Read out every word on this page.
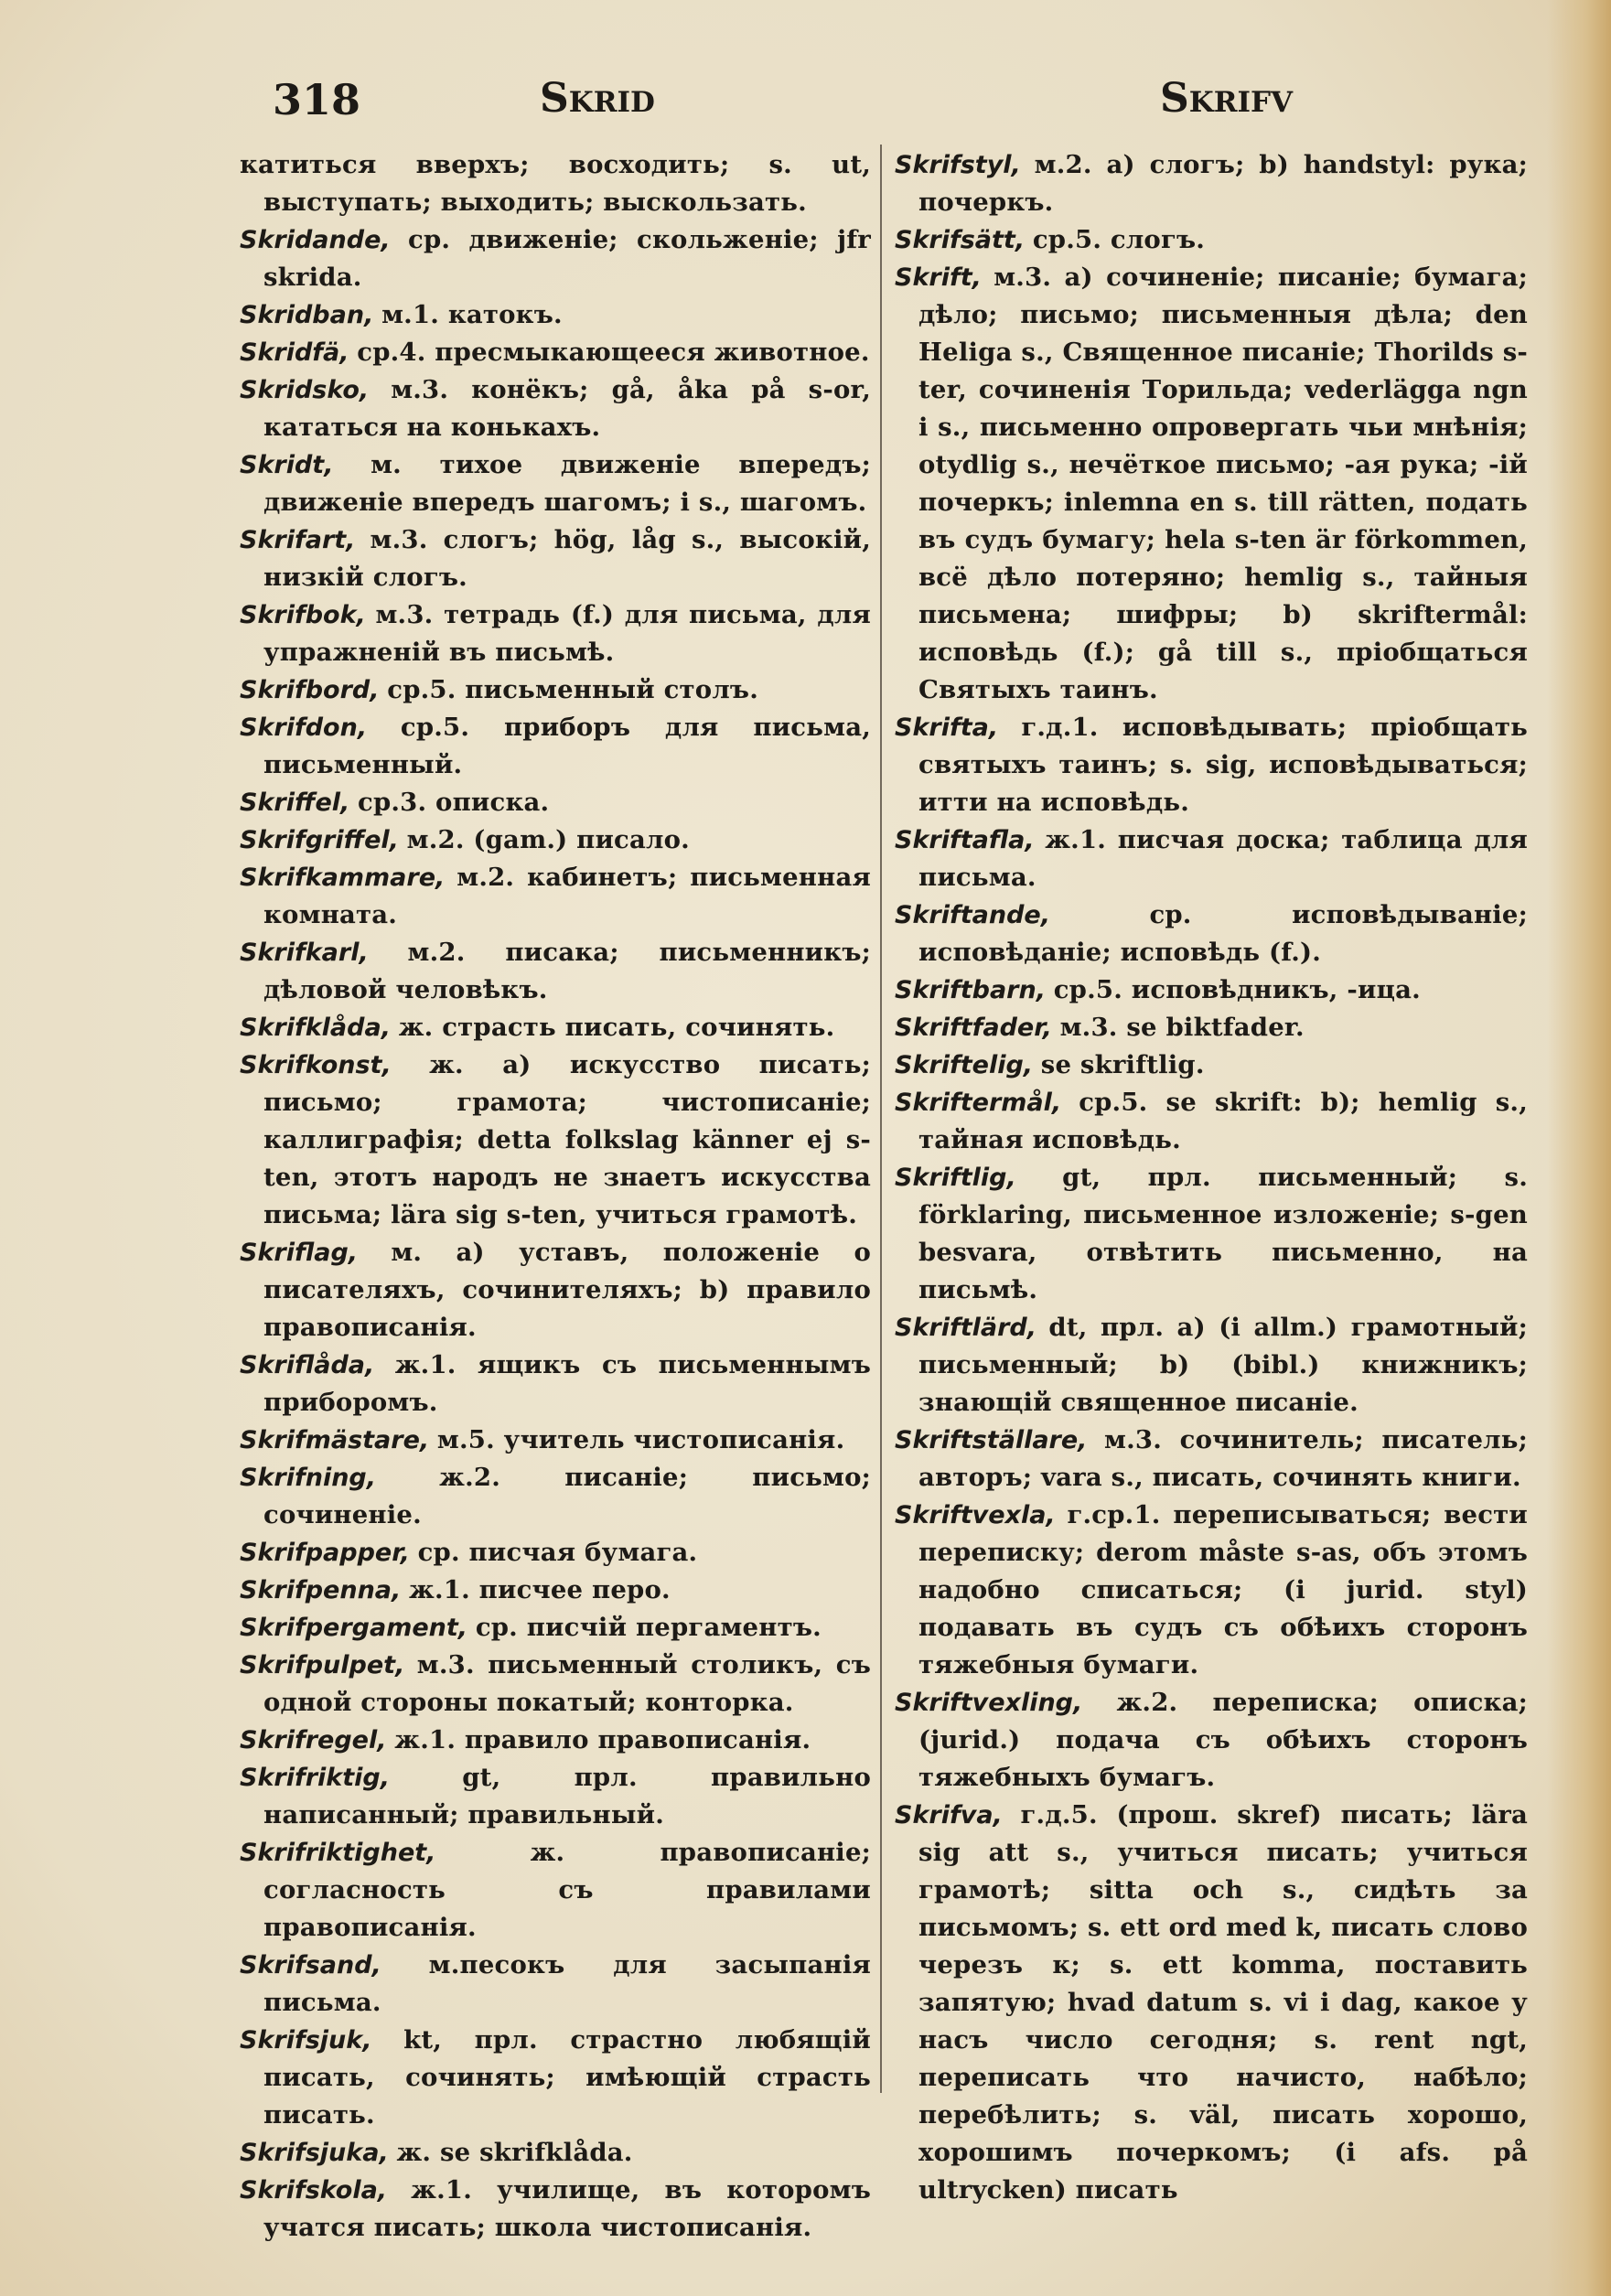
318	Skrid	Skrifv

катиться вверхъ; восходить; s. ut, выступать; выходить; выскользать.

Skridande, ср. движеніе; скольженіе; jfr skrida.

Skridban, м.1. катокъ.

Skridfä, ср.4. пресмыкающееся животное.

Skridsko, м.3. конёкъ; gå, åka på s-or, кататься на конькахъ.

Skridt, м. тихое движеніе впередъ; движеніе впередъ шагомъ; i s., шагомъ.

Skrifart, м.3. слогъ; hög, låg s., высокій, низкій слогъ.

Skrifbok, м.3. тетрадь (f.) для письма, для упражненій въ письмѣ.

Skrifbord, ср.5. письменный столъ.

Skrifdon, ср.5. приборъ для письма, письменный.

Skriffel, ср.3. описка.

Skrifgriffel, м.2. (gam.) писало.

Skrifkammare, м.2. кабинетъ; письменная комната.

Skrifkarl, м.2. писака; письменникъ; дѣловой человѣкъ.

Skrifklåda, ж. страсть писать, сочинять.

Skrifkonst, ж. а) искусство писать; письмо; грамота; чистописаніе; каллиграфія; detta folkslag känner ej s-ten, этотъ народъ не знаетъ искусства письма; lära sig s-ten, учиться грамотѣ.

Skriflag, м. а) уставъ, положеніе о писателяхъ, сочинителяхъ; b) правило правописанія.

Skriflåda, ж.1. ящикъ съ письменнымъ приборомъ.

Skrifmästare, м.5. учитель чистописанія.

Skrifning,	ж.2. писаніе; письмо; сочиненіе.

Skrifpapper, ср. писчая бумага.

Skrifpenna, ж.1. писчее перо.

Skrifpergament, ср. писчій пергаментъ.

Skrifpulpet, м.3. письменный столикъ, съ одной стороны покатый; конторка.

Skrifregel, ж.1. правило правописанія.

Skrifriktig,	gt, прл. правильно написанный; правильный.

Skrifriktighet,	ж. правописаніе; согласность съ правилами правописанія.

Skrifsand, м.песокъ для засыпанія письма.

Skrifsjuk, kt, прл. страстно любящій писать, сочинять; имѣющій страсть писать.

Skrifsjuka, ж. se skrifklåda.

Skrifskola, ж.1. училище, въ которомъ учатся писать; школа чистописанія.

Skrifstyl, м.2. а) слогъ; b) handstyl: рука; почеркъ.

Skrifsätt, ср.5. слогъ.

Skrift, м.3. а) сочиненіе; писаніе; бумага; дѣло; письмо; письменныя дѣла; den Heliga s., Священное писаніе; Thorilds s-ter, сочиненія Торильда; vederlägga ngn i s., письменно опровергать чьи мнѣнія; otydlig s., нечёткое письмо; -ая рука; -ій почеркъ; inlemna en s. till rätten, подать въ судъ бумагу; hela s-ten är förkommen, всё дѣло потеряно; hemlig s., тайныя письмена; шифры; b) skriftermål: исповѣдь (f.); gå till s., пріобщаться Святыхъ таинъ.

Skrifta, г.д.1. исповѣдывать; пріобщать святыхъ таинъ; s. sig, исповѣдываться; итти на исповѣдь.

Skriftafla, ж.1. писчая доска; таблица для письма.

Skriftande,	ср. исповѣдываніе; исповѣданіе; исповѣдь (f.).

Skriftbarn, ср.5. исповѣдникъ, -ица.

Skriftfader, м.3. se biktfader.

Skriftelig, se skriftlig.

Skriftermål, ср.5. se skrift: b); hemlig s., тайная исповѣдь.

Skriftlig, gt, прл. письменный; s. förklaring, письменное изложеніе; s-gen besvara, отвѣтить письменно, на письмѣ.

Skriftlärd, dt, прл. а) (i allm.) грамотный; письменный; b) (bibl.) книжникъ; знающій священное писаніе.

Skriftställare, м.3. сочинитель; писатель; авторъ; vara s., писать, сочинять книги.

Skriftvexla, г.ср.1. переписываться; вести переписку; derom måste s-as, объ этомъ надобно списаться; (i jurid. styl) подавать въ судъ съ обѣихъ сторонъ тяжебныя бумаги.

Skriftvexling, ж.2. переписка; описка; (jurid.) подача съ обѣихъ сторонъ тяжебныхъ бумагъ.

Skrifva, г.д.5. (прош. skref) писать; lära sig att s., учиться писать; учиться грамотѣ; sitta och s., сидѣть за письмомъ; s. ett ord med k, писать слово черезъ к; s. ett komma, поставить запятую; hvad datum s. vi i dag, какое у насъ число сегодня; s. rent ngt, переписать что начисто, набѣло; перебѣлить; s. väl, писать хорошо, хорошимъ почеркомъ; (i afs. på ultrycken) писать
